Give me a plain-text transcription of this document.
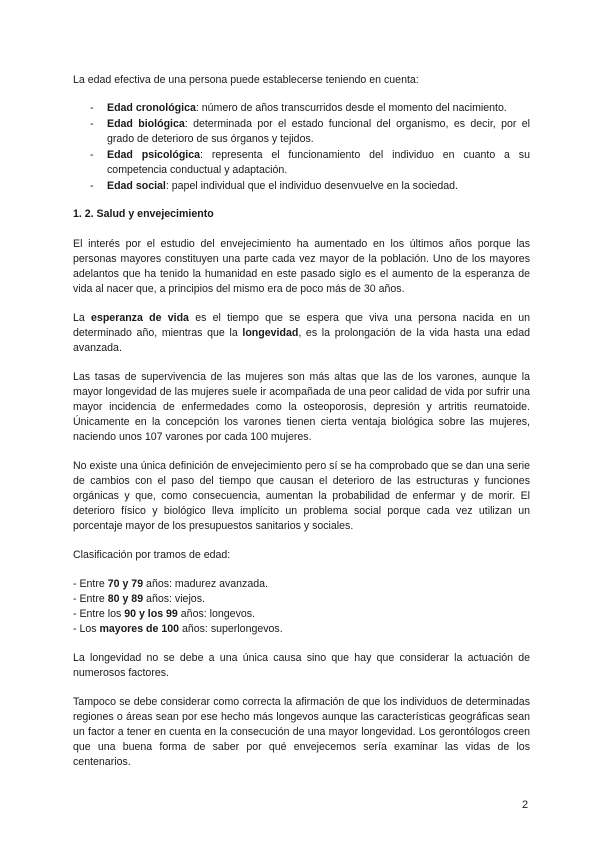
La edad efectiva de una persona puede establecerse teniendo en cuenta:

- Edad cronológica: número de años transcurridos desde el momento del nacimiento.
- Edad biológica: determinada por el estado funcional del organismo, es decir, por el grado de deterioro de sus órganos y tejidos.
- Edad psicológica: representa el funcionamiento del individuo en cuanto a su competencia conductual y adaptación.
- Edad social: papel individual que el individuo desenvuelve en la sociedad.
1. 2. Salud y envejecimiento

El interés por el estudio del envejecimiento ha aumentado en los últimos años porque las personas mayores constituyen una parte cada vez mayor de la población. Uno de los mayores adelantos que ha tenido la humanidad en este pasado siglo es el aumento de la esperanza de vida al nacer que, a principios del mismo era de poco más de 30 años.

La esperanza de vida es el tiempo que se espera que viva una persona nacida en un determinado año, mientras que la longevidad, es la prolongación de la vida hasta una edad avanzada.

Las tasas de supervivencia de las mujeres son más altas que las de los varones, aunque la mayor longevidad de las mujeres suele ir acompañada de una peor calidad de vida por sufrir una mayor incidencia de enfermedades como la osteoporosis, depresión y artritis reumatoide. Únicamente en la concepción los varones tienen cierta ventaja biológica sobre las mujeres, naciendo unos 107 varones por cada 100 mujeres.

No existe una única definición de envejecimiento pero sí se ha comprobado que se dan una serie de cambios con el paso del tiempo que causan el deterioro de las estructuras y funciones orgánicas y que, como consecuencia, aumentan la probabilidad de enfermar y de morir. El deterioro físico y biológico lleva implícito un problema social porque cada vez utilizan un porcentaje mayor de los presupuestos sanitarios y sociales.

Clasificación por tramos de edad:

- Entre 70 y 79 años: madurez avanzada.
- Entre 80 y 89 años: viejos.
- Entre los 90 y los 99 años: longevos.
- Los mayores de 100 años: superlongevos.

La longevidad no se debe a una única causa sino que hay que considerar la actuación de numerosos factores.

Tampoco se debe considerar como correcta la afirmación de que los individuos de determinadas regiones o áreas sean por ese hecho más longevos aunque las características geográficas sean un factor a tener en cuenta en la consecución de una mayor longevidad. Los gerontólogos creen que una buena forma de saber por qué envejecemos sería examinar las vidas de los centenarios.

2
